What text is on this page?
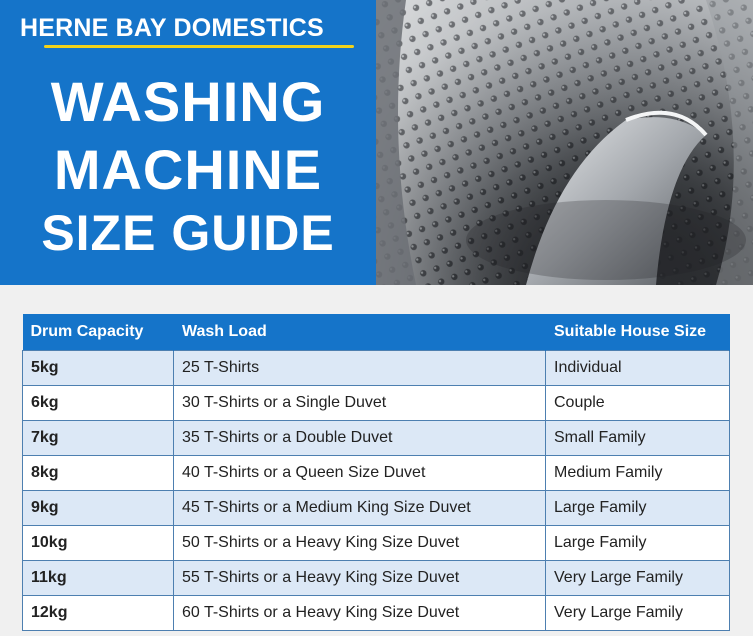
HERNE BAY DOMESTICS
WASHING
MACHINE
SIZE GUIDE
Drum Capacity	Wash Load	Suitable House Size
5kg	25 T-Shirts	Individual
6kg	30 T-Shirts or a Single Duvet	Couple
7kg	35 T-Shirts or a Double Duvet	Small Family
8kg	40 T-Shirts or a Queen Size Duvet	Medium Family
9kg	45 T-Shirts or a Medium King Size Duvet	Large Family
10kg	50 T-Shirts or a Heavy King Size Duvet	Large Family
11kg	55 T-Shirts or a Heavy King Size Duvet	Very Large Family
12kg	60 T-Shirts or a Heavy King Size Duvet	Very Large Family
